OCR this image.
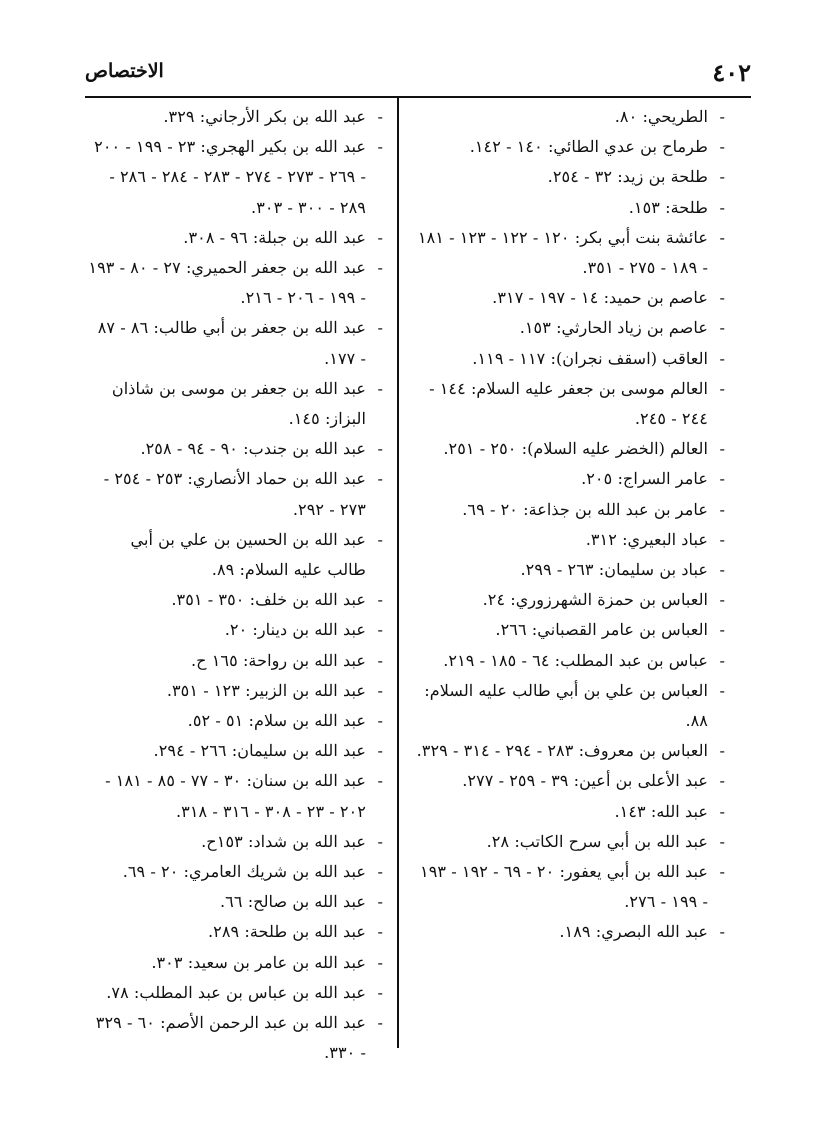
٤٠٢
الاختصاص

- الطريحي: ٨٠.

- طرماح بن عدي الطائي: ١٤٠ - ١٤٢.

- طلحة بن زيد: ٣٢ - ٢٥٤.

- طلحة: ١٥٣.

- عائشة بنت أبي بكر: ١٢٠ - ١٢٢ - ١٢٣ - ١٨١ - ١٨٩ - ٢٧٥ - ٣٥١.

- عاصم بن حميد: ١٤ - ١٩٧ - ٣١٧.

- عاصم بن زياد الحارثي: ١٥٣.

- العاقب (اسقف نجران): ١١٧ - ١١٩.

- العالم موسى بن جعفر عليه السلام: ١٤٤ - ٢٤٤ - ٢٤٥.

- العالم (الخضر عليه السلام): ٢٥٠ - ٢٥١.

- عامر السراج: ٢٠٥.

- عامر بن عبد الله بن جذاعة: ٢٠ - ٦٩.

- عباد البعيري: ٣١٢.

- عباد بن سليمان: ٢٦٣ - ٢٩٩.

- العباس بن حمزة الشهرزوري: ٢٤.

- العباس بن عامر القصباني: ٢٦٦.

- عباس بن عبد المطلب: ٦٤ - ١٨٥ - ٢١٩.

- العباس بن علي بن أبي طالب عليه السلام: ٨٨.

- العباس بن معروف: ٢٨٣ - ٢٩٤ - ٣١٤ - ٣٢٩.

- عبد الأعلى بن أعين: ٣٩ - ٢٥٩ - ٢٧٧.

- عبد الله: ١٤٣.

- عبد الله بن أبي سرح الكاتب: ٢٨.

- عبد الله بن أبي يعفور: ٢٠ - ٦٩ - ١٩٢ - ١٩٣ - ١٩٩ - ٢٧٦.

- عبد الله البصري: ١٨٩.

- عبد الله بن بكر الأرجاني: ٣٢٩.

- عبد الله بن بكير الهجري: ٢٣ - ١٩٩ - ٢٠٠ - ٢٦٩ - ٢٧٣ - ٢٧٤ - ٢٨٣ - ٢٨٤ - ٢٨٦ - ٢٨٩ - ٣٠٠ - ٣٠٣.

- عبد الله بن جبلة: ٩٦ - ٣٠٨.

- عبد الله بن جعفر الحميري: ٢٧ - ٨٠ - ١٩٣ - ١٩٩ - ٢٠٦ - ٢١٦.

- عبد الله بن جعفر بن أبي طالب: ٨٦ - ٨٧ - ١٧٧.

- عبد الله بن جعفر بن موسى بن شاذان البزاز: ١٤٥.

- عبد الله بن جندب: ٩٠ - ٩٤ - ٢٥٨.

- عبد الله بن حماد الأنصاري: ٢٥٣ - ٢٥٤ - ٢٧٣ - ٢٩٢.

- عبد الله بن الحسين بن علي بن أبي طالب عليه السلام: ٨٩.

- عبد الله بن خلف: ٣٥٠ - ٣٥١.

- عبد الله بن دينار: ٢٠.

- عبد الله بن رواحة: ١٦٥ ح.

- عبد الله بن الزبير: ١٢٣ - ٣٥١.

- عبد الله بن سلام: ٥١ - ٥٢.

- عبد الله بن سليمان: ٢٦٦ - ٢٩٤.

- عبد الله بن سنان: ٣٠ - ٧٧ - ٨٥ - ١٨١ - ٢٠٢ - ٢٣ - ٣٠٨ - ٣١٦ - ٣١٨.

- عبد الله بن شداد: ١٥٣ح.

- عبد الله بن شريك العامري: ٢٠ - ٦٩.

- عبد الله بن صالح: ٦٦.

- عبد الله بن طلحة: ٢٨٩.

- عبد الله بن عامر بن سعيد: ٣٠٣.

- عبد الله بن عباس بن عبد المطلب: ٧٨.

- عبد الله بن عبد الرحمن الأصم: ٦٠ - ٣٢٩ - ٣٣٠.
